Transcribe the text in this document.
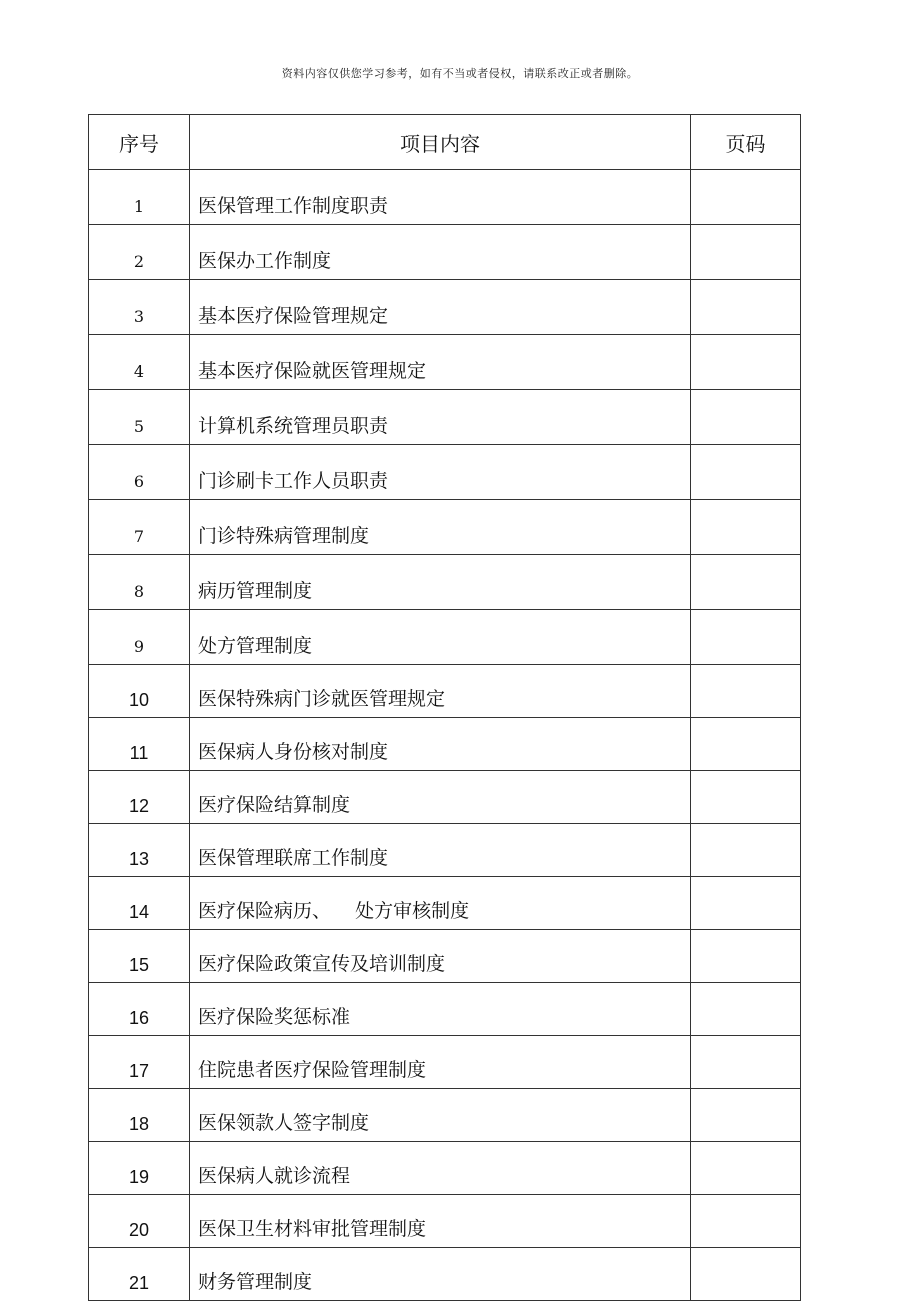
资料内容仅供您学习参考，如有不当或者侵权，请联系改正或者删除。
序号	项目内容	页码
1	医保管理工作制度职责	
2	医保办工作制度	
3	基本医疗保险管理规定	
4	基本医疗保险就医管理规定	
5	计算机系统管理员职责	
6	门诊刷卡工作人员职责	
7	门诊特殊病管理制度	
8	病历管理制度	
9	处方管理制度	
10	医保特殊病门诊就医管理规定	
11	医保病人身份核对制度	
12	医疗保险结算制度	
13	医保管理联席工作制度	
14	医疗保险病历、    处方审核制度	
15	医疗保险政策宣传及培训制度	
16	医疗保险奖惩标准	
17	住院患者医疗保险管理制度	
18	医保领款人签字制度	
19	医保病人就诊流程	
20	医保卫生材料审批管理制度	
21	财务管理制度	
